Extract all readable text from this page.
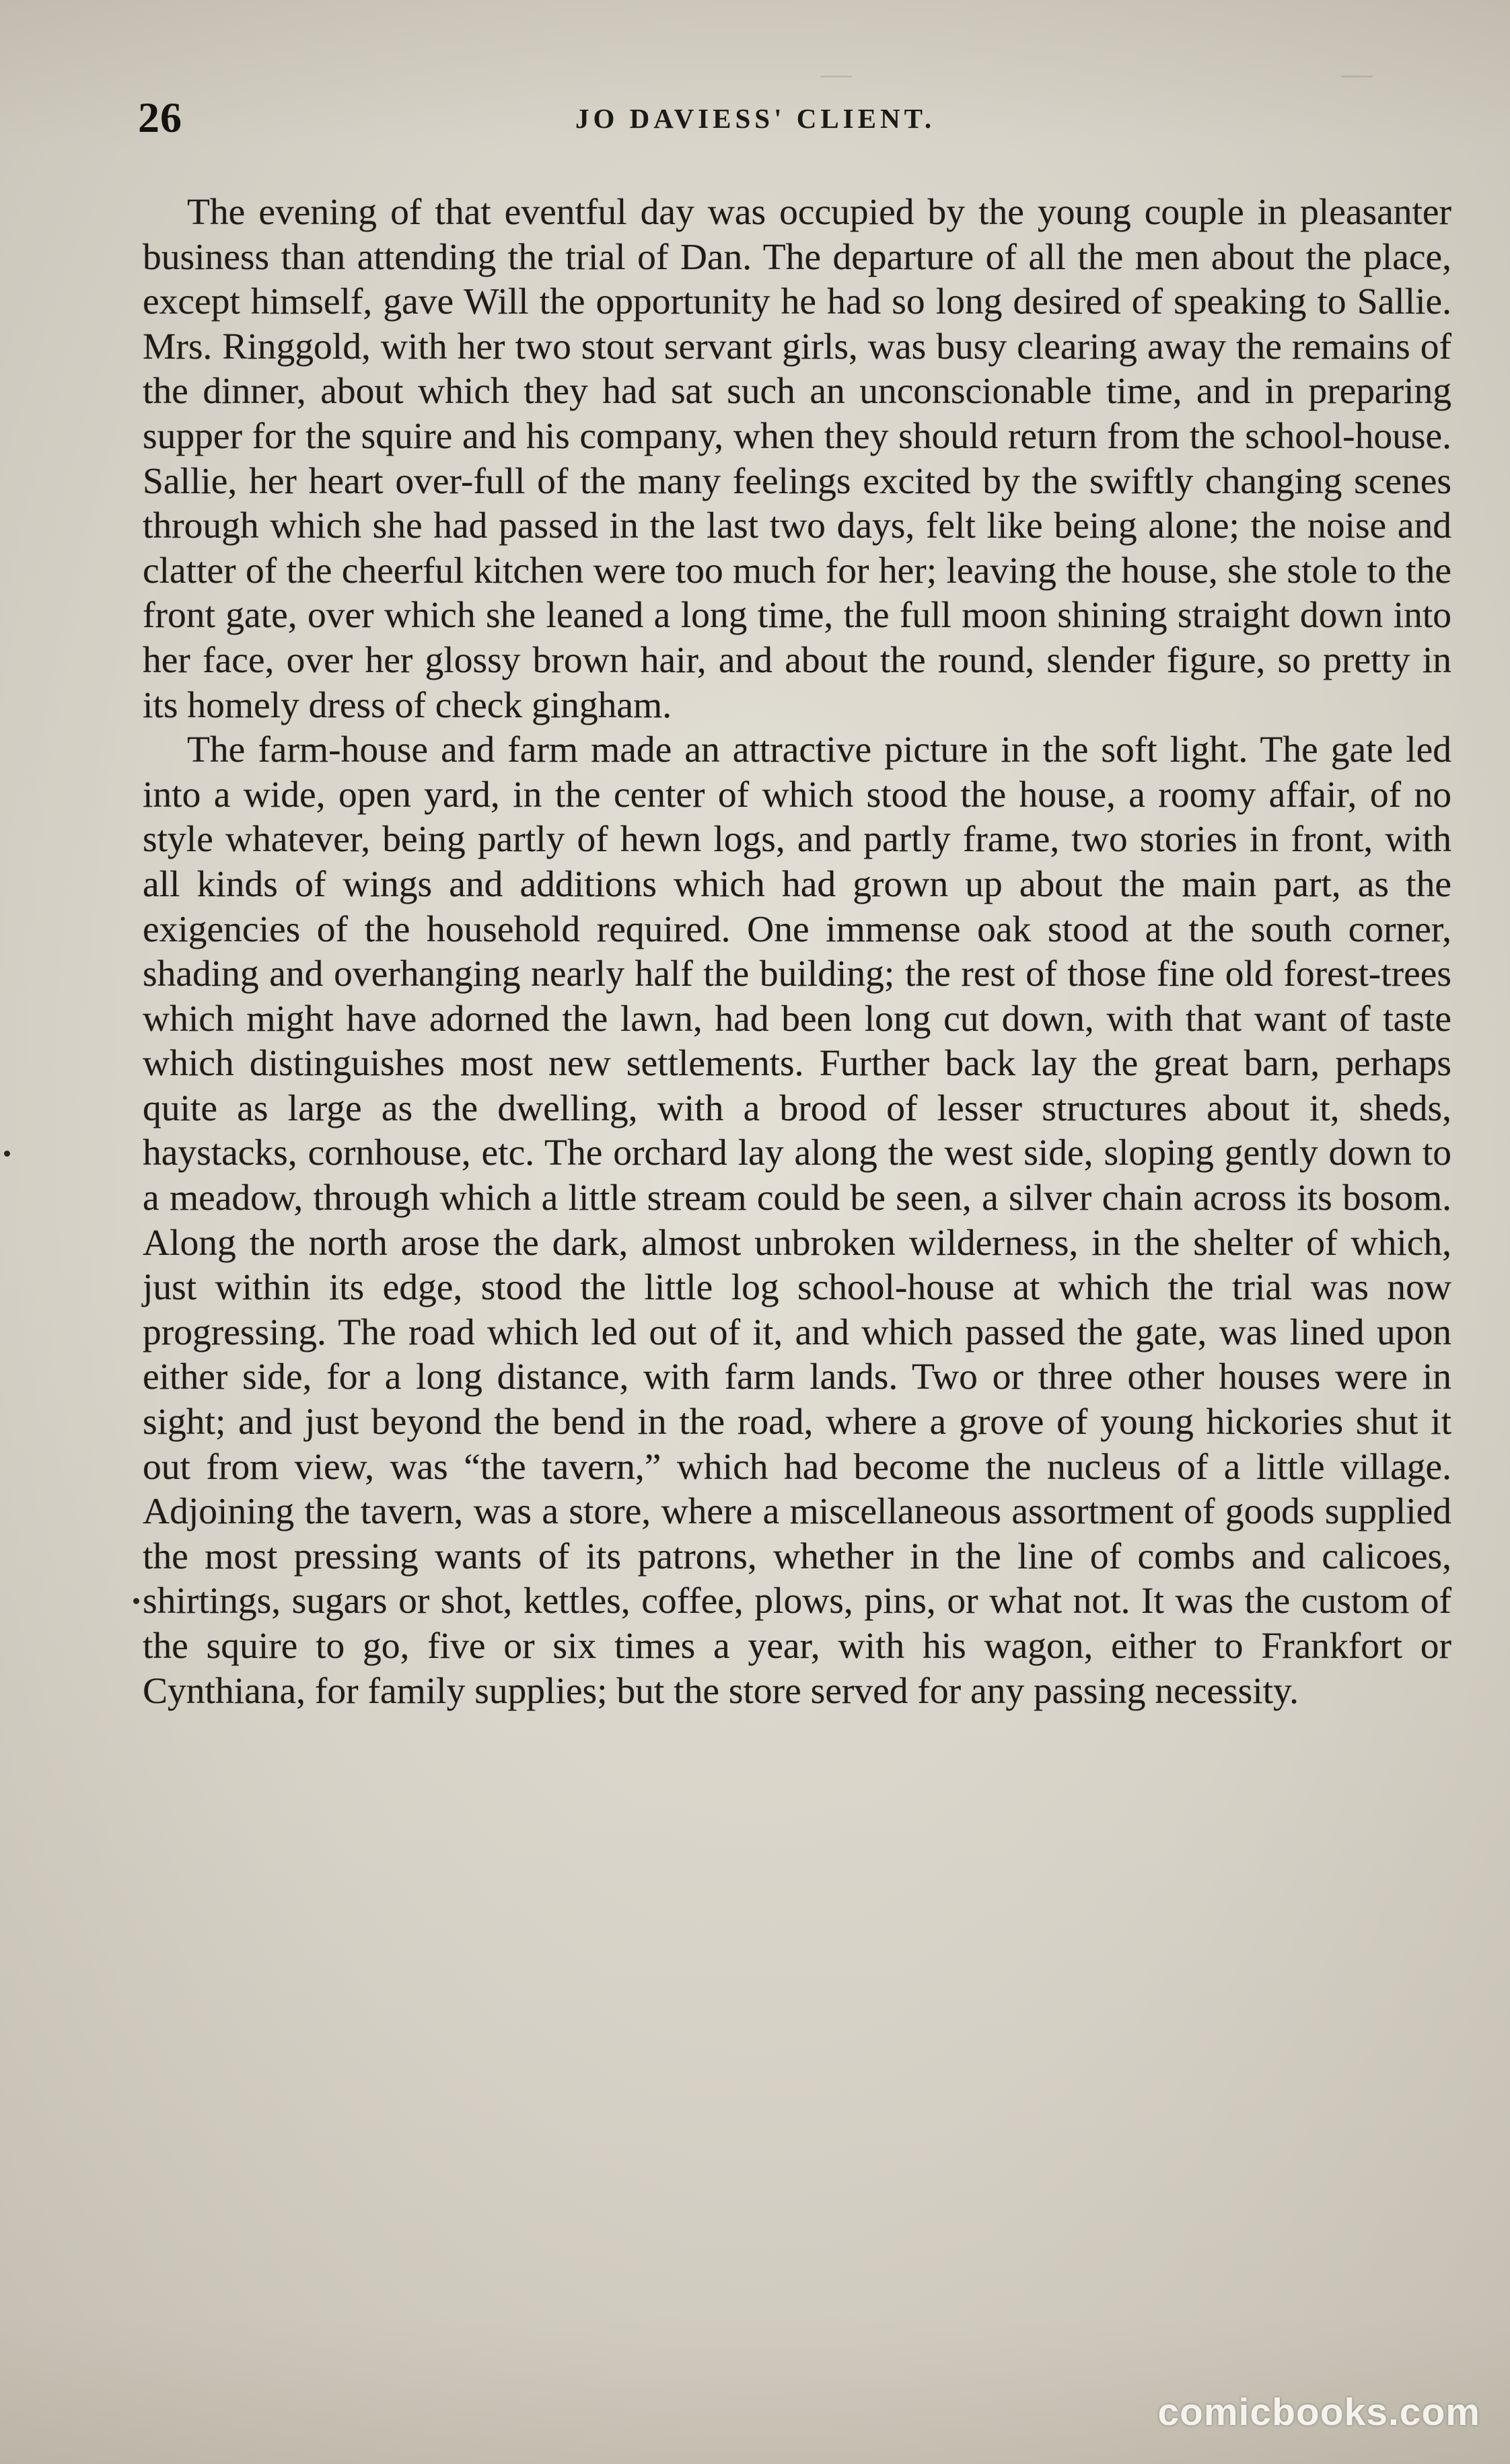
—              —
26	JO DAVIESS' CLIENT.

The evening of that eventful day was occupied by the young couple in pleasanter business than attending the trial of Dan. The departure of all the men about the place, except himself, gave Will the opportunity he had so long desired of speaking to Sallie. Mrs. Ringgold, with her two stout servant girls, was busy clearing away the remains of the dinner, about which they had sat such an unconscionable time, and in preparing supper for the squire and his company, when they should return from the school-house. Sallie, her heart over-full of the many feelings excited by the swiftly changing scenes through which she had passed in the last two days, felt like being alone; the noise and clatter of the cheerful kitchen were too much for her; leaving the house, she stole to the front gate, over which she leaned a long time, the full moon shining straight down into her face, over her glossy brown hair, and about the round, slender figure, so pretty in its homely dress of check gingham.

The farm-house and farm made an attractive picture in the soft light. The gate led into a wide, open yard, in the center of which stood the house, a roomy affair, of no style whatever, being partly of hewn logs, and partly frame, two stories in front, with all kinds of wings and additions which had grown up about the main part, as the exigencies of the household required. One immense oak stood at the south corner, shading and overhanging nearly half the building; the rest of those fine old forest-trees which might have adorned the lawn, had been long cut down, with that want of taste which distinguishes most new settlements. Further back lay the great barn, perhaps quite as large as the dwelling, with a brood of lesser structures about it, sheds, haystacks, cornhouse, etc. The orchard lay along the west side, sloping gently down to a meadow, through which a little stream could be seen, a silver chain across its bosom. Along the north arose the dark, almost unbroken wilderness, in the shelter of which, just within its edge, stood the little log school-house at which the trial was now progressing. The road which led out of it, and which passed the gate, was lined upon either side, for a long distance, with farm lands. Two or three other houses were in sight; and just beyond the bend in the road, where a grove of young hickories shut it out from view, was “the tavern,” which had become the nucleus of a little village. Adjoining the tavern, was a store, where a miscellaneous assortment of goods supplied the most pressing wants of its patrons, whether in the line of combs and calicoes, shirtings, sugars or shot, kettles, coffee, plows, pins, or what not. It was the custom of the squire to go, five or six times a year, with his wagon, either to Frankfort or Cynthiana, for family supplies; but the store served for any passing necessity.

comicbooks.com
